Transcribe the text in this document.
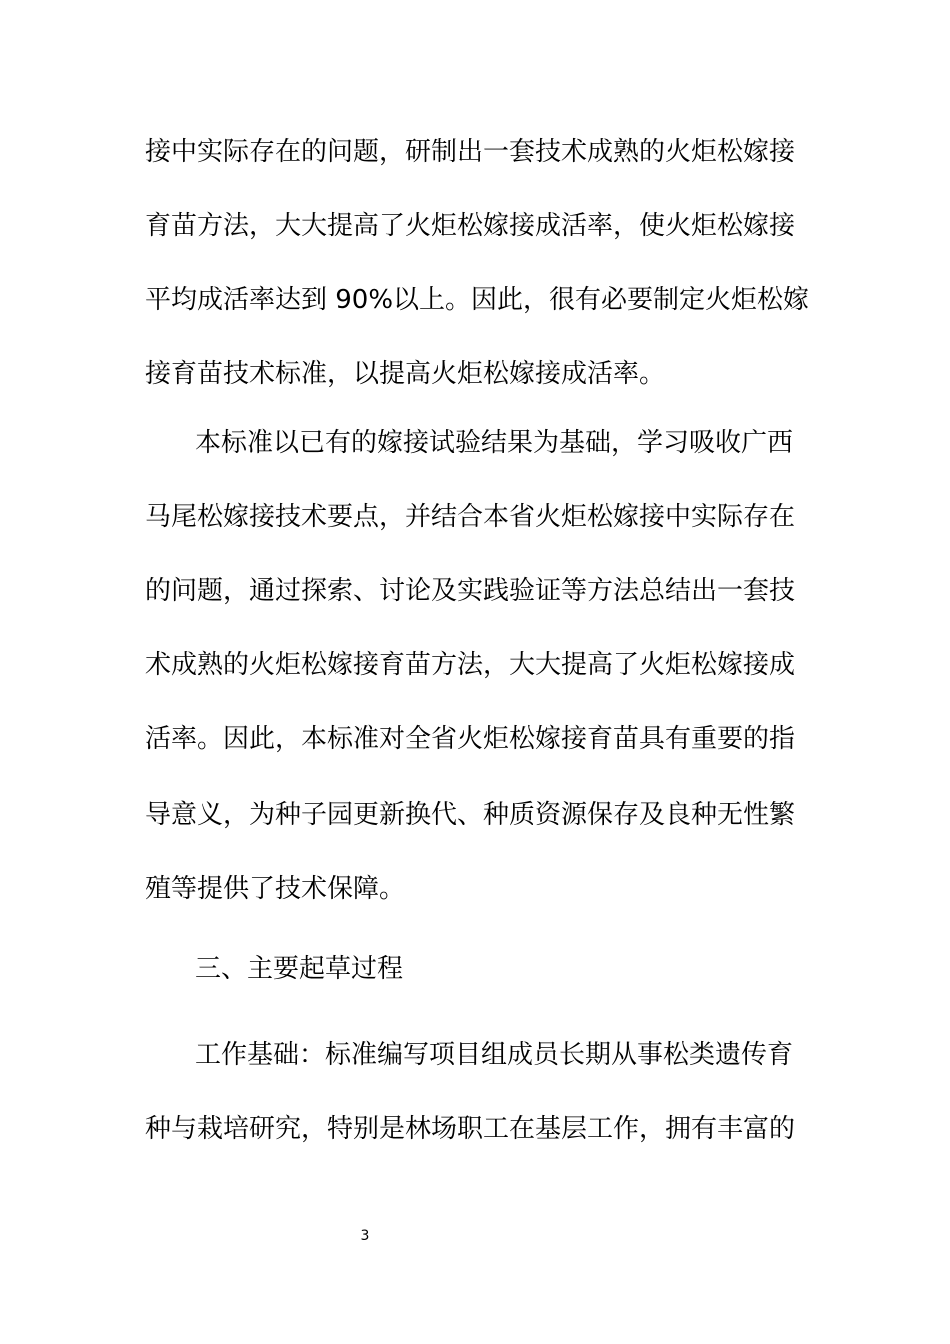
接中实际存在的问题，研制出一套技术成熟的火炬松嫁接
育苗方法，大大提高了火炬松嫁接成活率，使火炬松嫁接
平均成活率达到 90%以上。因此，很有必要制定火炬松嫁
接育苗技术标准，以提高火炬松嫁接成活率。
本标准以已有的嫁接试验结果为基础，学习吸收广西
马尾松嫁接技术要点，并结合本省火炬松嫁接中实际存在
的问题，通过探索、讨论及实践验证等方法总结出一套技
术成熟的火炬松嫁接育苗方法，大大提高了火炬松嫁接成
活率。因此，本标准对全省火炬松嫁接育苗具有重要的指
导意义，为种子园更新换代、种质资源保存及良种无性繁
殖等提供了技术保障。
三、主要起草过程
工作基础：标准编写项目组成员长期从事松类遗传育
种与栽培研究，特别是林场职工在基层工作，拥有丰富的
3
